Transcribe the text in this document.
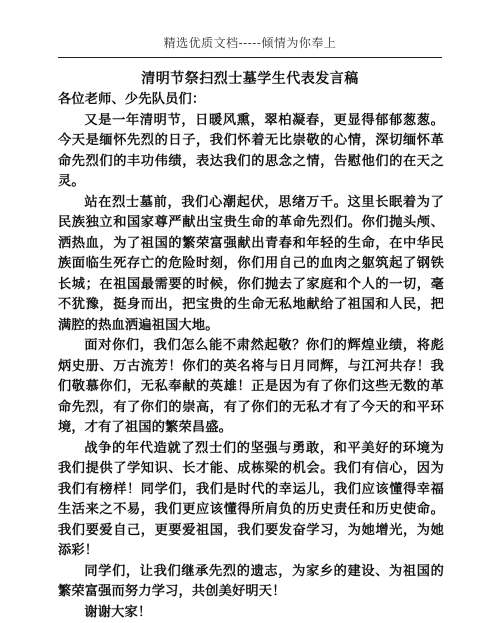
精选优质文档-----倾情为你奉上
清明节祭扫烈士墓学生代表发言稿

各位老师、少先队员们：

又是一年清明节，日暖风熏，翠柏凝春，更显得郁郁葱葱。今天是缅怀先烈的日子，我们怀着无比崇敬的心情，深切缅怀革命先烈们的丰功伟绩，表达我们的思念之情，告慰他们的在天之灵。

站在烈士墓前，我们心潮起伏，思绪万千。这里长眠着为了民族独立和国家尊严献出宝贵生命的革命先烈们。你们抛头颅、洒热血，为了祖国的繁荣富强献出青春和年轻的生命，在中华民族面临生死存亡的危险时刻，你们用自己的血肉之躯筑起了钢铁长城；在祖国最需要的时候，你们抛去了家庭和个人的一切，毫不犹豫，挺身而出，把宝贵的生命无私地献给了祖国和人民，把满腔的热血洒遍祖国大地。

面对你们，我们怎么能不肃然起敬？你们的辉煌业绩，将彪炳史册、万古流芳！你们的英名将与日月同辉，与江河共存！我们敬慕你们，无私奉献的英雄！正是因为有了你们这些无数的革命先烈，有了你们的崇高，有了你们的无私才有了今天的和平环境，才有了祖国的繁荣昌盛。

战争的年代造就了烈士们的坚强与勇敢，和平美好的环境为我们提供了学知识、长才能、成栋梁的机会。我们有信心，因为我们有榜样！同学们，我们是时代的幸运儿，我们应该懂得幸福生活来之不易，我们更应该懂得所肩负的历史责任和历史使命。我们要爱自己，更要爱祖国，我们要发奋学习，为她增光，为她添彩！

同学们，让我们继承先烈的遗志，为家乡的建设、为祖国的繁荣富强而努力学习，共创美好明天！

谢谢大家！
